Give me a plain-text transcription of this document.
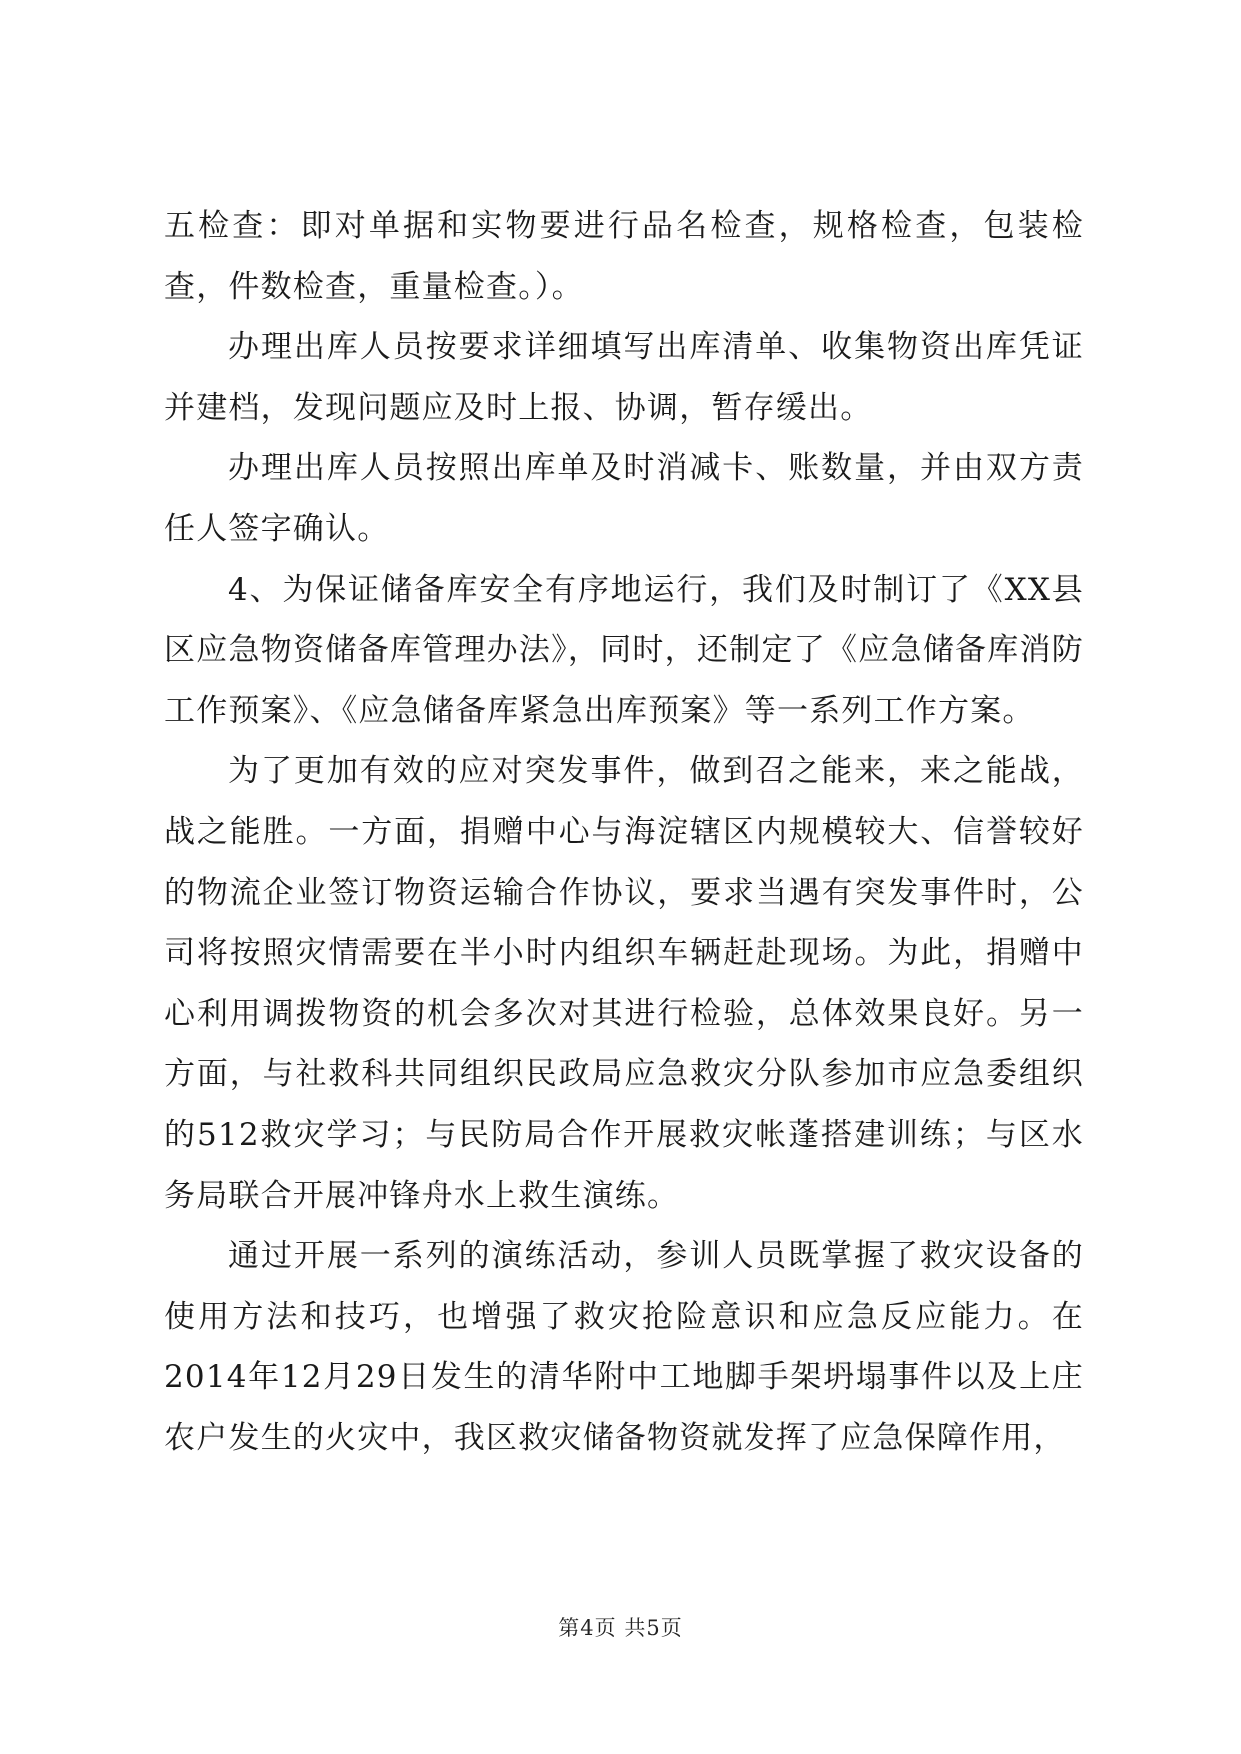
五检查：即对单据和实物要进行品名检查，规格检查，包装检查，件数检查，重量检查。）。

办理出库人员按要求详细填写出库清单、收集物资出库凭证并建档，发现问题应及时上报、协调，暂存缓出。

办理出库人员按照出库单及时消减卡、账数量，并由双方责任人签字确认。

4、为保证储备库安全有序地运行，我们及时制订了《XX县区应急物资储备库管理办法》，同时，还制定了《应急储备库消防工作预案》、《应急储备库紧急出库预案》等一系列工作方案。

为了更加有效的应对突发事件，做到召之能来，来之能战，战之能胜。一方面，捐赠中心与海淀辖区内规模较大、信誉较好的物流企业签订物资运输合作协议，要求当遇有突发事件时，公司将按照灾情需要在半小时内组织车辆赶赴现场。为此，捐赠中心利用调拨物资的机会多次对其进行检验，总体效果良好。另一方面，与社救科共同组织民政局应急救灾分队参加市应急委组织的512救灾学习；与民防局合作开展救灾帐蓬搭建训练；与区水务局联合开展冲锋舟水上救生演练。

通过开展一系列的演练活动，参训人员既掌握了救灾设备的使用方法和技巧，也增强了救灾抢险意识和应急反应能力。在2014年12月29日发生的清华附中工地脚手架坍塌事件以及上庄农户发生的火灾中，我区救灾储备物资就发挥了应急保障作用，

第4页 共5页
